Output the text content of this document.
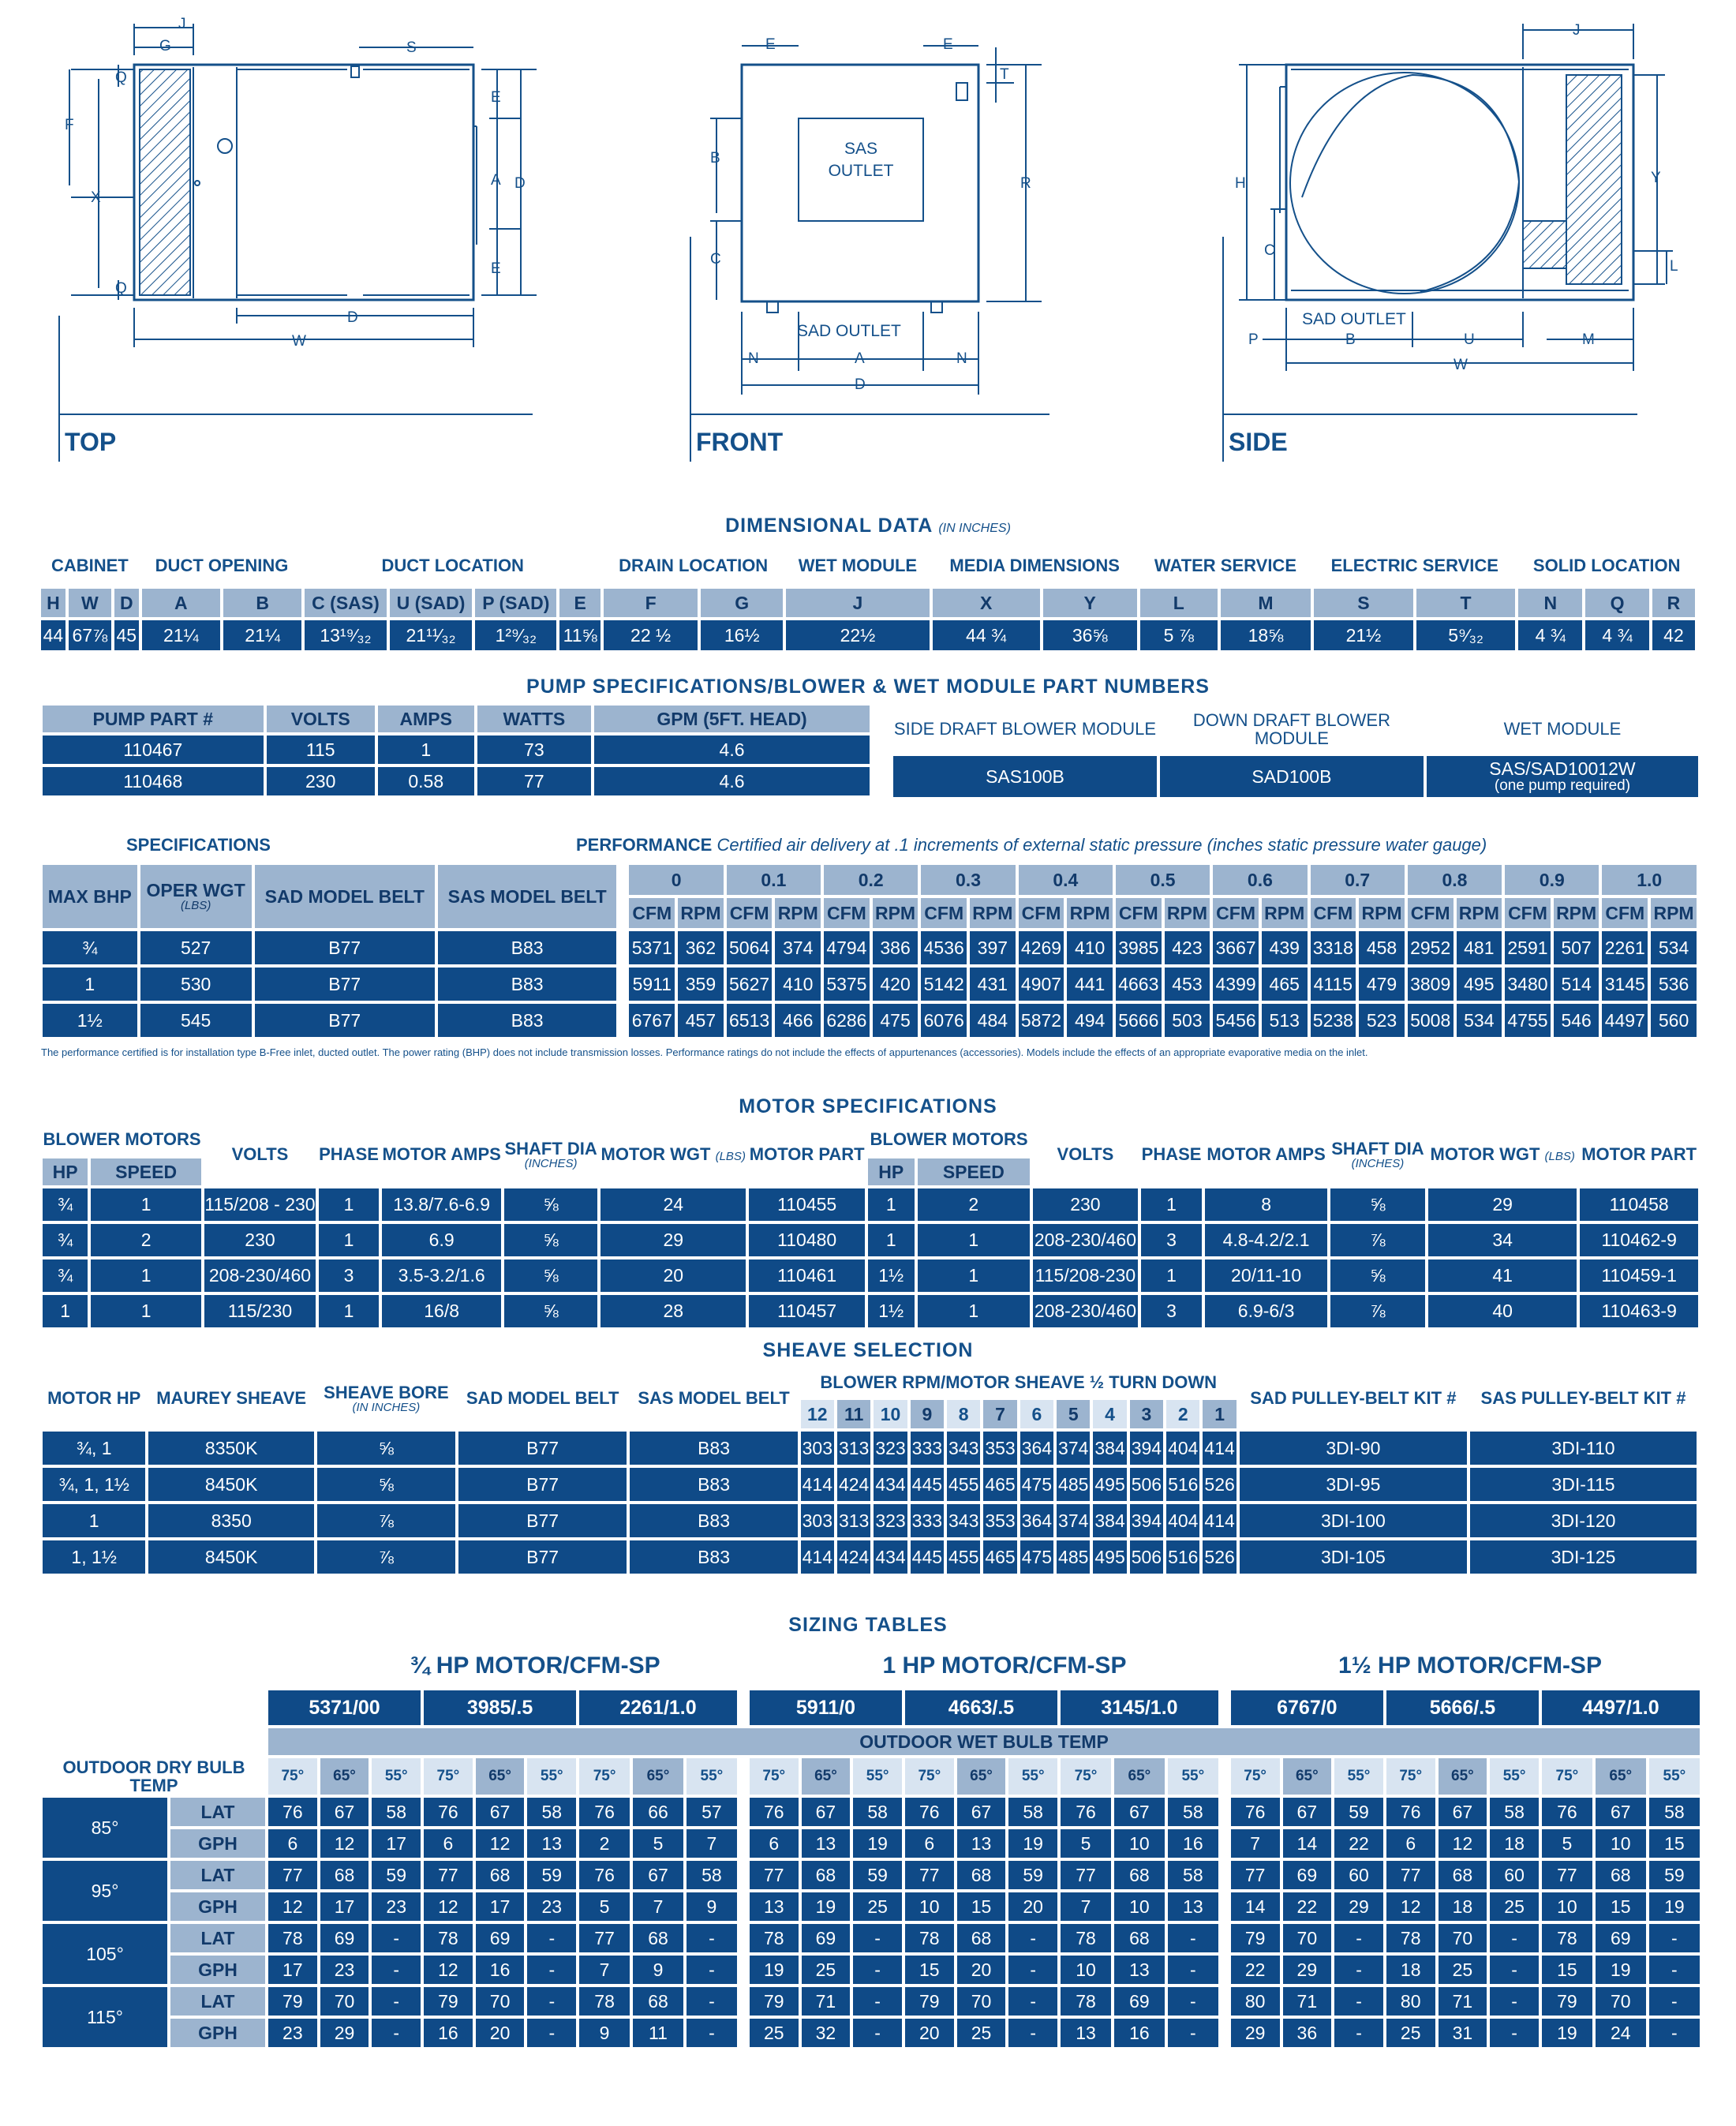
TOP	FRONT	SIDE
SAS
OUTLET
SAD OUTLET
SAD OUTLET
J
G	S
Q
F
X
Q
E
A D
E
D
W
E	E
T
B
C
R
N	A	N
D
J
H
C
Y
L
P	B	U	M
W
DIMENSIONAL DATA (IN INCHES)
CABINET			DUCT OPENING		DUCT LOCATION				DRAIN LOCATION		WET MODULE	MEDIA DIMENSIONS		WATER SERVICE		ELECTRIC SERVICE		SOLID LOCATION		
H	W	D	A	B	C (SAS)	U (SAD)	P (SAD)	E	F	G	J	X	Y	L	M	S	T	N	Q	R
44	67⅞	45	21¼	21¼	13¹⁹⁄₃₂	21¹¹⁄₃₂	1²⁹⁄₃₂	11⅝	22 ½	16½	22½	44 ¾	36⅝	5 ⅞	18⅝	21½	5⁹⁄₃₂	4 ¾	4 ¾	42
PUMP SPECIFICATIONS/BLOWER & WET MODULE PART NUMBERS
PUMP PART #	VOLTS	AMPS	WATTS	GPM (5FT. HEAD)
110467	115	1	73	4.6
110468	230	0.58	77	4.6
SIDE DRAFT BLOWER MODULE	DOWN DRAFT BLOWER MODULE	WET MODULE
SAS100B	SAD100B	SAS/SAD10012W
(one pump required)
SPECIFICATIONS	PERFORMANCE Certified air delivery at .1 increments of external static pressure (inches static pressure water gauge)
MAX BHP	OPER WGT
(LBS)	SAD MODEL BELT	SAS MODEL BELT		0		0.1		0.2		0.3		0.4		0.5		0.6		0.7		0.8		0.9		1.0	
					CFM	RPM	CFM	RPM	CFM	RPM	CFM	RPM	CFM	RPM	CFM	RPM	CFM	RPM	CFM	RPM	CFM	RPM	CFM	RPM	CFM	RPM
¾	527	B77	B83		5371	362	5064	374	4794	386	4536	397	4269	410	3985	423	3667	439	3318	458	2952	481	2591	507	2261	534
1	530	B77	B83		5911	359	5627	410	5375	420	5142	431	4907	441	4663	453	4399	465	4115	479	3809	495	3480	514	3145	536
1½	545	B77	B83		6767	457	6513	466	6286	475	6076	484	5872	494	5666	503	5456	513	5238	523	5008	534	4755	546	4497	560
The performance certified is for installation type B-Free inlet, ducted outlet. The power rating (BHP) does not include transmission losses. Performance ratings do not include the effects of appurtenances (accessories). Models include the effects of an appropriate evaporative media on the inlet.
MOTOR SPECIFICATIONS
BLOWER MOTORS		VOLTS	PHASE	MOTOR AMPS	SHAFT DIA
(INCHES)	MOTOR WGT (LBS)	MOTOR PART
HP	SPEED						
¾	1	115/208 - 230	1	13.8/7.6-6.9	⅝	24	110455
¾	2	230	1	6.9	⅝	29	110480
¾	1	208-230/460	3	3.5-3.2/1.6	⅝	20	110461
1	1	115/230	1	16/8	⅝	28	110457
BLOWER MOTORS		VOLTS	PHASE	MOTOR AMPS	SHAFT DIA
(INCHES)	MOTOR WGT (LBS)	MOTOR PART
HP	SPEED						
1	2	230	1	8	⅝	29	110458
1	1	208-230/460	3	4.8-4.2/2.1	⅞	34	110462-9
1½	1	115/208-230	1	20/11-10	⅝	41	110459-1
1½	1	208-230/460	3	6.9-6/3	⅞	40	110463-9
SHEAVE SELECTION
MOTOR HP	MAUREY SHEAVE	SHEAVE BORE
(IN INCHES)	SAD MODEL BELT	SAS MODEL BELT	BLOWER RPM/MOTOR SHEAVE ½ TURN DOWN												SAD PULLEY-BELT KIT #	SAS PULLEY-BELT KIT #
					12	11	10	9	8	7	6	5	4	3	2	1		
¾, 1	8350K	⅝	B77	B83	303	313	323	333	343	353	364	374	384	394	404	414	3DI-90	3DI-110
¾, 1, 1½	8450K	⅝	B77	B83	414	424	434	445	455	465	475	485	495	506	516	526	3DI-95	3DI-115
1	8350	⅞	B77	B83	303	313	323	333	343	353	364	374	384	394	404	414	3DI-100	3DI-120
1, 1½	8450K	⅞	B77	B83	414	424	434	445	455	465	475	485	495	506	516	526	3DI-105	3DI-125
SIZING TABLES
¾ HP MOTOR/CFM-SP	1 HP MOTOR/CFM-SP	1½ HP MOTOR/CFM-SP
		5371/00			3985/.5			2261/1.0				5911/0			4663/.5			3145/1.0				6767/0			5666/.5			4497/1.0		
		OUTDOOR WET BULB TEMP																												
OUTDOOR DRY BULB TEMP		75°	65°	55°	75°	65°	55°	75°	65°	55°		75°	65°	55°	75°	65°	55°	75°	65°	55°		75°	65°	55°	75°	65°	55°	75°	65°	55°
85°	LAT	76	67	58	76	67	58	76	66	57		76	67	58	76	67	58	76	67	58		76	67	59	76	67	58	76	67	58
	GPH	6	12	17	6	12	13	2	5	7		6	13	19	6	13	19	5	10	16		7	14	22	6	12	18	5	10	15
95°	LAT	77	68	59	77	68	59	76	67	58		77	68	59	77	68	59	77	68	58		77	69	60	77	68	60	77	68	59
	GPH	12	17	23	12	17	23	5	7	9		13	19	25	10	15	20	7	10	13		14	22	29	12	18	25	10	15	19
105°	LAT	78	69	-	78	69	-	77	68	-		78	69	-	78	68	-	78	68	-		79	70	-	78	70	-	78	69	-
	GPH	17	23	-	12	16	-	7	9	-		19	25	-	15	20	-	10	13	-		22	29	-	18	25	-	15	19	-
115°	LAT	79	70	-	79	70	-	78	68	-		79	71	-	79	70	-	78	69	-		80	71	-	80	71	-	79	70	-
	GPH	23	29	-	16	20	-	9	11	-		25	32	-	20	25	-	13	16	-		29	36	-	25	31	-	19	24	-
